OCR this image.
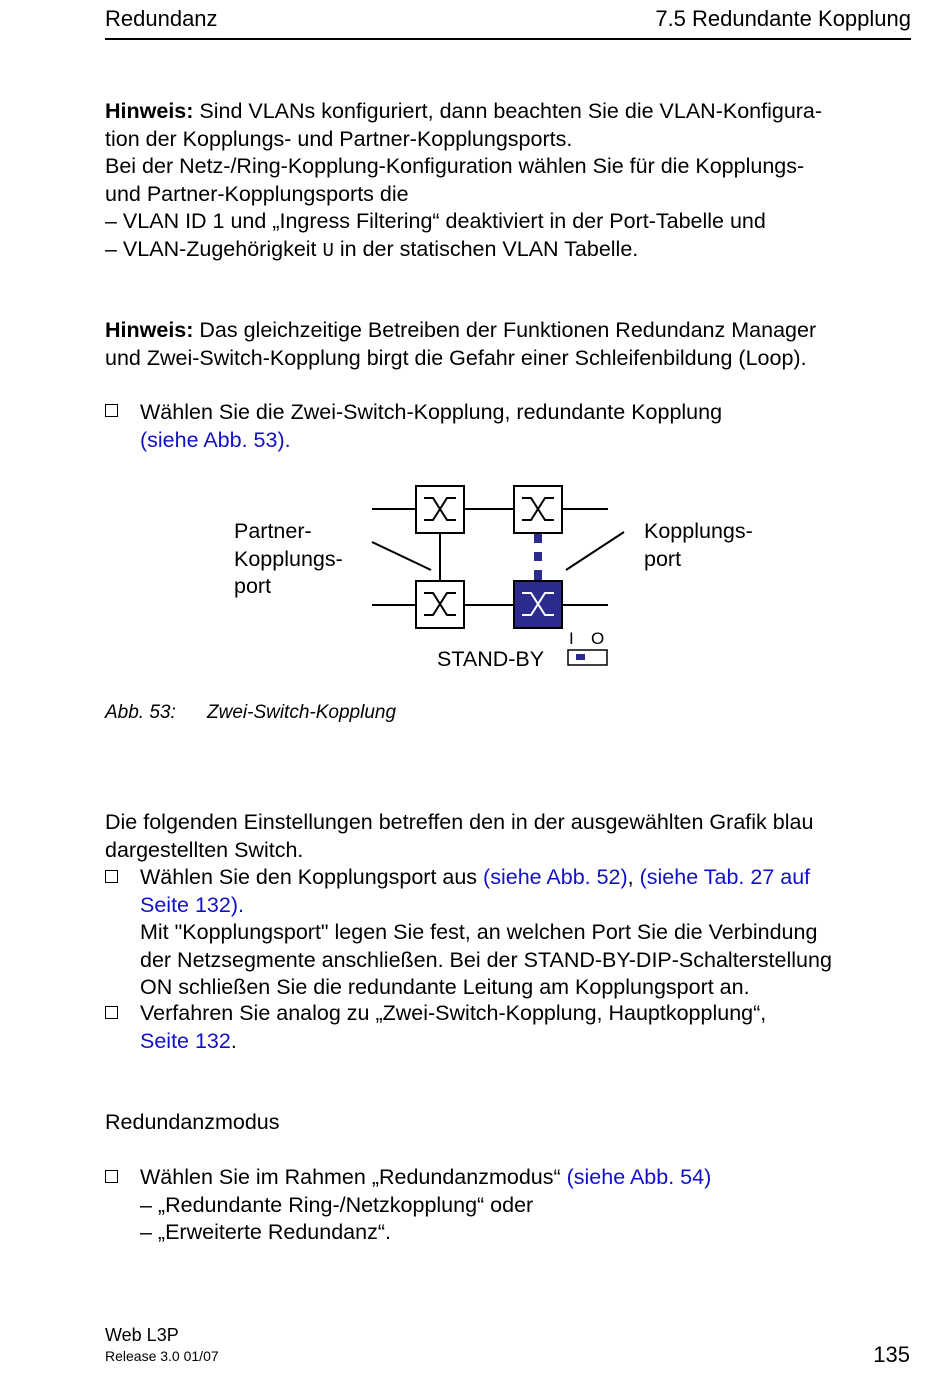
Redundanz	7.5 Redundante Kopplung
Hinweis: Sind VLANs konfiguriert, dann beachten Sie die VLAN-Konfigura-
tion der Kopplungs- und Partner-Kopplungsports.
Bei der Netz-/Ring-Kopplung-Konfiguration wählen Sie für die Kopplungs-
und Partner-Kopplungsports die
– VLAN ID 1 und „Ingress Filtering“ deaktiviert in der Port-Tabelle und
– VLAN-Zugehörigkeit U in der statischen VLAN Tabelle.
Hinweis: Das gleichzeitige Betreiben der Funktionen Redundanz Manager
und Zwei-Switch-Kopplung birgt die Gefahr einer Schleifenbildung (Loop).
Wählen Sie die Zwei-Switch-Kopplung, redundante Kopplung
(siehe Abb. 53).
Partner-
Kopplungs-
port
Kopplungs-
port
I O
STAND-BY
Abb. 53: Zwei-Switch-Kopplung
Die folgenden Einstellungen betreffen den in der ausgewählten Grafik blau
dargestellten Switch.
Wählen Sie den Kopplungsport aus (siehe Abb. 52), (siehe Tab. 27 auf
Seite 132).
Mit "Kopplungsport" legen Sie fest, an welchen Port Sie die Verbindung
der Netzsegmente anschließen. Bei der STAND-BY-DIP-Schalterstellung
ON schließen Sie die redundante Leitung am Kopplungsport an.
Verfahren Sie analog zu „Zwei-Switch-Kopplung, Hauptkopplung“,
Seite 132.
Redundanzmodus
Wählen Sie im Rahmen „Redundanzmodus“ (siehe Abb. 54)
– „Redundante Ring-/Netzkopplung“ oder
– „Erweiterte Redundanz“.
Web L3P
Release 3.0 01/07	135
